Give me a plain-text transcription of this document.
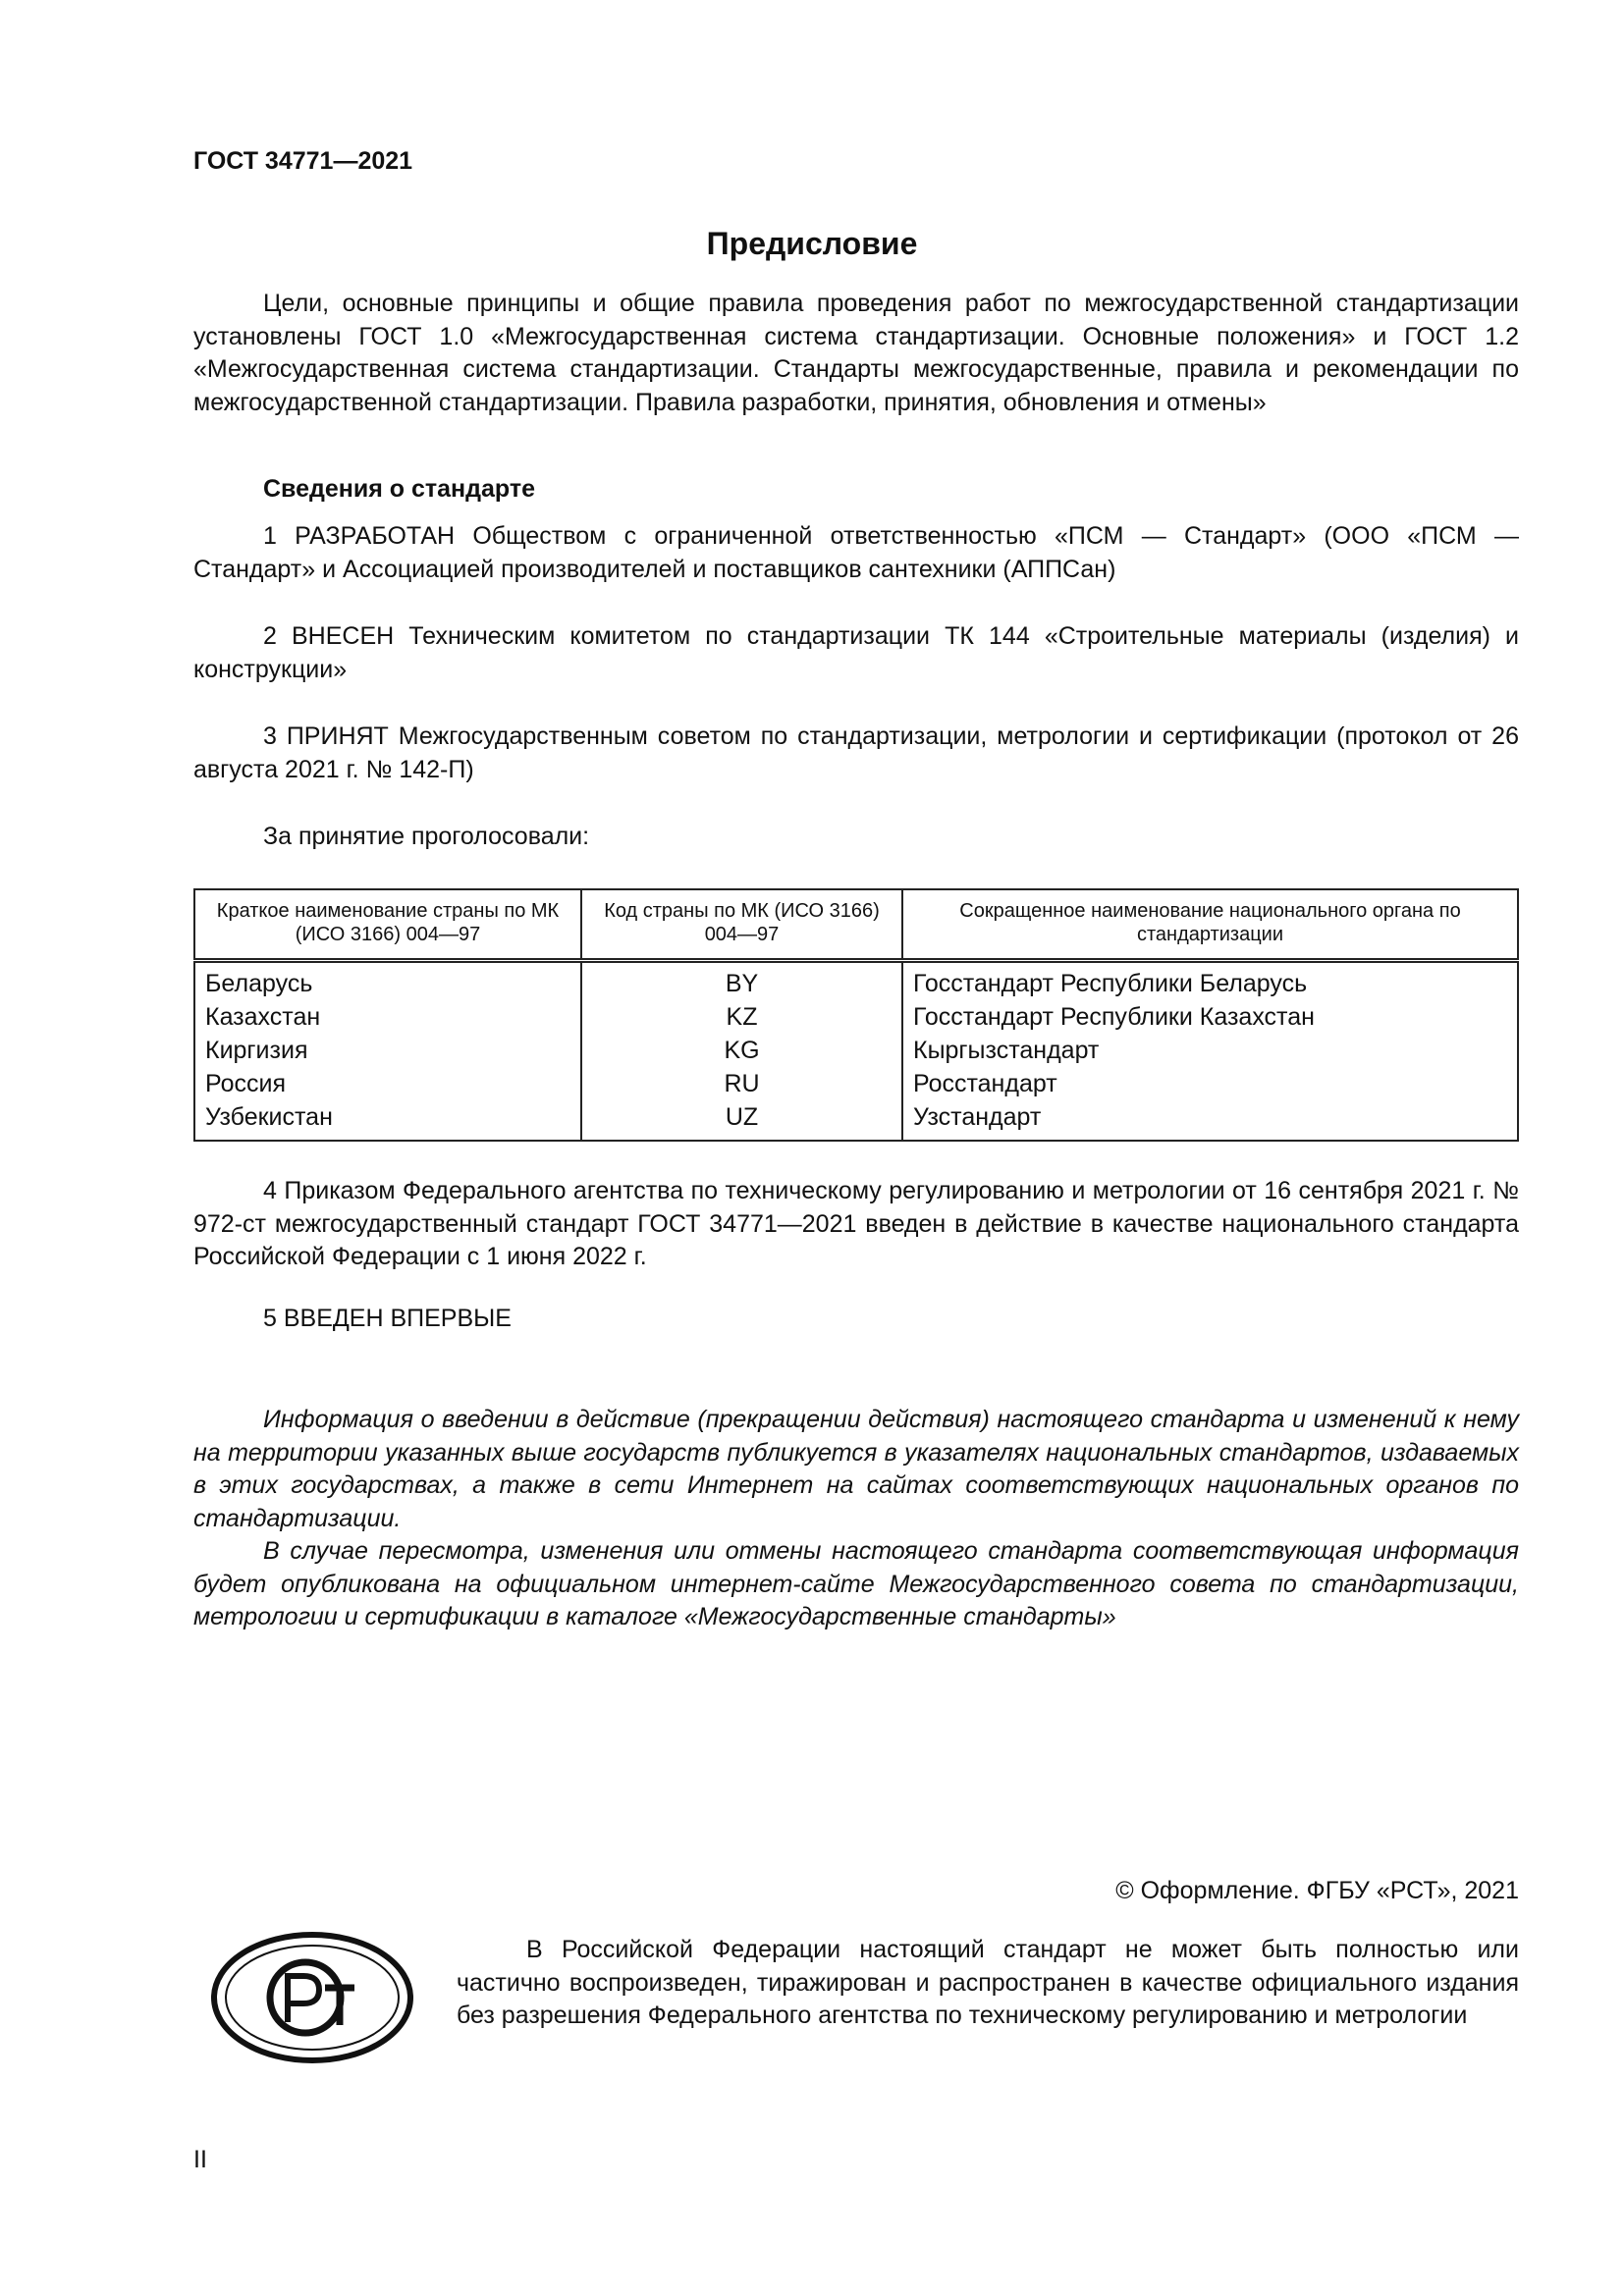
ГОСТ 34771—2021
Предисловие

Цели, основные принципы и общие правила проведения работ по межгосударственной стандартизации установлены ГОСТ 1.0 «Межгосударственная система стандартизации. Основные положения» и ГОСТ 1.2 «Межгосударственная система стандартизации. Стандарты межгосударственные, правила и рекомендации по межгосударственной стандартизации. Правила разработки, принятия, обновления и отмены»

Сведения о стандарте

1 РАЗРАБОТАН Обществом с ограниченной ответственностью «ПСМ — Стандарт» (ООО «ПСМ — Стандарт» и Ассоциацией производителей и поставщиков сантехники (АППСан)

2 ВНЕСЕН Техническим комитетом по стандартизации ТК 144 «Строительные материалы (изделия) и конструкции»

3 ПРИНЯТ Межгосударственным советом по стандартизации, метрологии и сертификации (протокол от 26 августа 2021 г. № 142-П)

За принятие проголосовали:

Краткое наименование страны по МК (ИСО 3166) 004—97	Код страны по МК (ИСО 3166) 004—97	Сокращенное наименование национального органа по стандартизации
Беларусь	BY	Госстандарт Республики Беларусь
Казахстан	KZ	Госстандарт Республики Казахстан
Киргизия	KG	Кыргызстандарт
Россия	RU	Росстандарт
Узбекистан	UZ	Узстандарт

4 Приказом Федерального агентства по техническому регулированию и метрологии от 16 сентября 2021 г. № 972-ст межгосударственный стандарт ГОСТ 34771—2021 введен в действие в качестве национального стандарта Российской Федерации с 1 июня 2022 г.

5 ВВЕДЕН ВПЕРВЫЕ

Информация о введении в действие (прекращении действия) настоящего стандарта и изменений к нему на территории указанных выше государств публикуется в указателях национальных стандартов, издаваемых в этих государствах, а также в сети Интернет на сайтах соответствующих национальных органов по стандартизации.

В случае пересмотра, изменения или отмены настоящего стандарта соответствующая информация будет опубликована на официальном интернет-сайте Межгосударственного совета по стандартизации, метрологии и сертификации в каталоге «Межгосударственные стандарты»

© Оформление. ФГБУ «РСТ», 2021

В Российской Федерации настоящий стандарт не может быть полностью или частично воспроизведен, тиражирован и распространен в качестве официального издания без разрешения Федерального агентства по техническому регулированию и метрологии

II
